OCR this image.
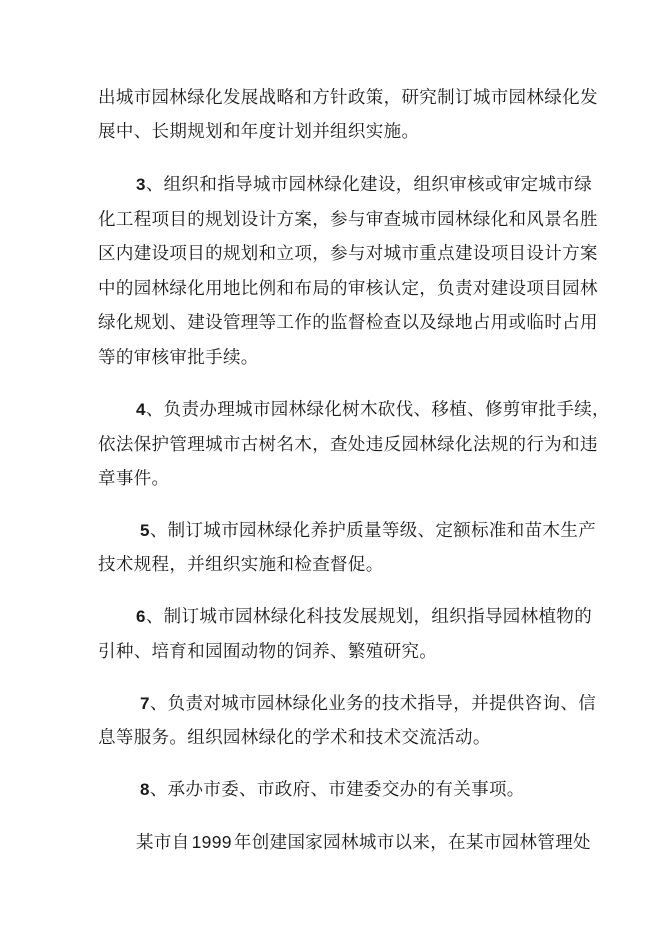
出城市园林绿化发展战略和方针政策，研究制订城市园林绿化发
展中、长期规划和年度计划并组织实施。
3、组织和指导城市园林绿化建设，组织审核或审定城市绿
化工程项目的规划设计方案，参与审查城市园林绿化和风景名胜
区内建设项目的规划和立项，参与对城市重点建设项目设计方案
中的园林绿化用地比例和布局的审核认定，负责对建设项目园林
绿化规划、建设管理等工作的监督检查以及绿地占用或临时占用
等的审核审批手续。
4、负责办理城市园林绿化树木砍伐、移植、修剪审批手续，
依法保护管理城市古树名木，查处违反园林绿化法规的行为和违
章事件。
5、制订城市园林绿化养护质量等级、定额标准和苗木生产
技术规程，并组织实施和检查督促。
6、制订城市园林绿化科技发展规划，组织指导园林植物的
引种、培育和园囿动物的饲养、繁殖研究。
7、负责对城市园林绿化业务的技术指导，并提供咨询、信
息等服务。组织园林绿化的学术和技术交流活动。
8、承办市委、市政府、市建委交办的有关事项。
某市自 1999 年创建国家园林城市以来，在某市园林管理处
